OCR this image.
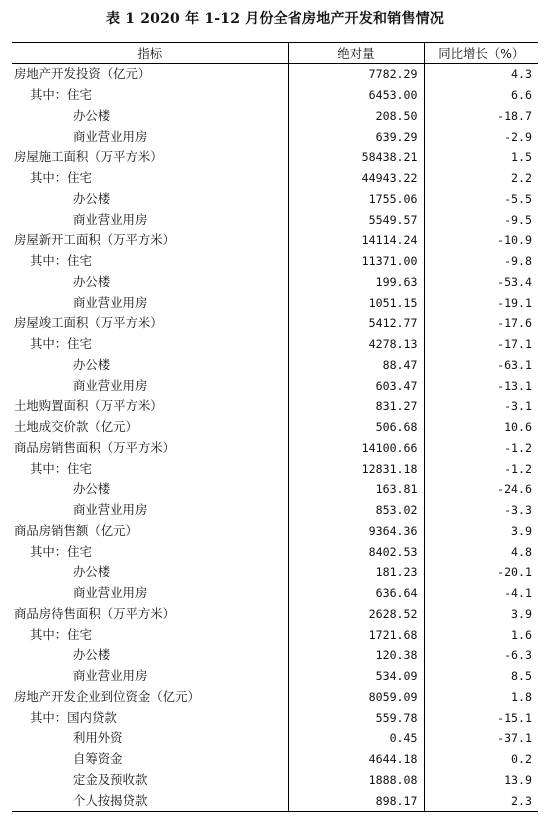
表 1 2020 年 1-12 月份全省房地产开发和销售情况
指标	绝对量	同比增长（%）
房地产开发投资（亿元）	7782.29	4.3
其中：住宅	6453.00	6.6
办公楼	208.50	-18.7
商业营业用房	639.29	-2.9
房屋施工面积（万平方米）	58438.21	1.5
其中：住宅	44943.22	2.2
办公楼	1755.06	-5.5
商业营业用房	5549.57	-9.5
房屋新开工面积（万平方米）	14114.24	-10.9
其中：住宅	11371.00	-9.8
办公楼	199.63	-53.4
商业营业用房	1051.15	-19.1
房屋竣工面积（万平方米）	5412.77	-17.6
其中：住宅	4278.13	-17.1
办公楼	88.47	-63.1
商业营业用房	603.47	-13.1
土地购置面积（万平方米）	831.27	-3.1
土地成交价款（亿元）	506.68	10.6
商品房销售面积（万平方米）	14100.66	-1.2
其中：住宅	12831.18	-1.2
办公楼	163.81	-24.6
商业营业用房	853.02	-3.3
商品房销售额（亿元）	9364.36	3.9
其中：住宅	8402.53	4.8
办公楼	181.23	-20.1
商业营业用房	636.64	-4.1
商品房待售面积（万平方米）	2628.52	3.9
其中：住宅	1721.68	1.6
办公楼	120.38	-6.3
商业营业用房	534.09	8.5
房地产开发企业到位资金（亿元）	8059.09	1.8
其中：国内贷款	559.78	-15.1
利用外资	0.45	-37.1
自筹资金	4644.18	0.2
定金及预收款	1888.08	13.9
个人按揭贷款	898.17	2.3
